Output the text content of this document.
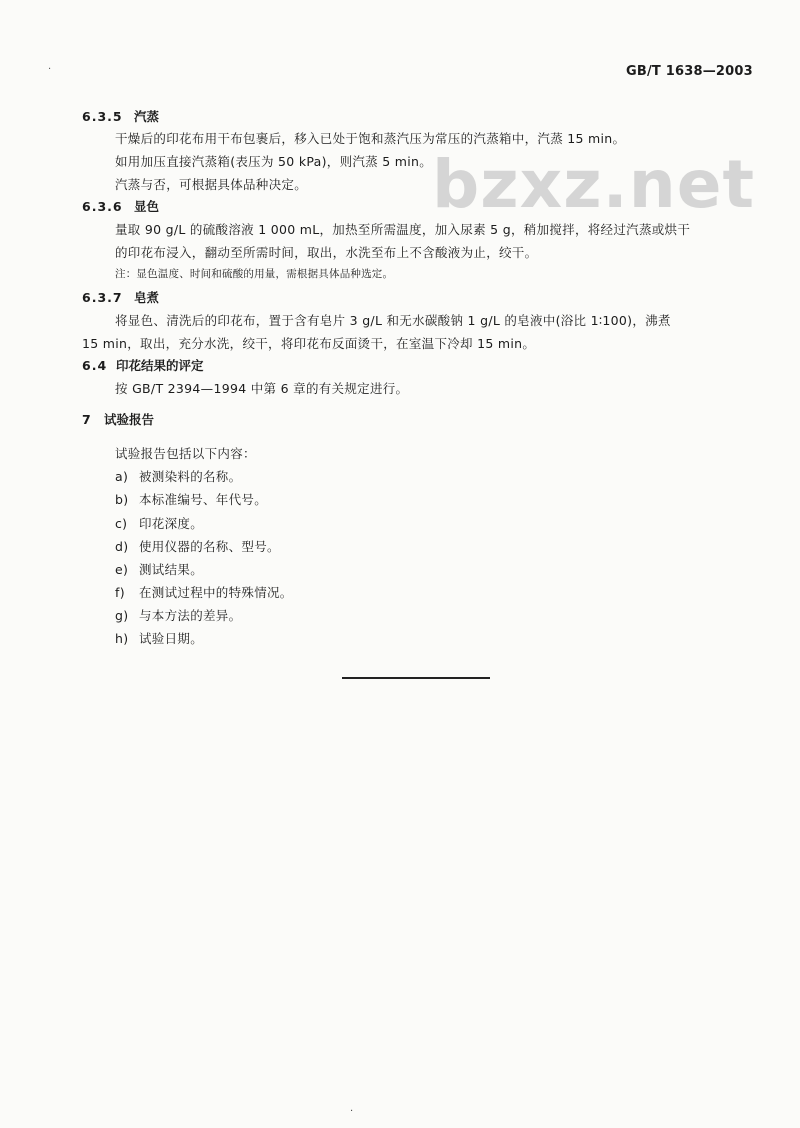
·	GB/T 1638—2003
bzxz.net
6.3.5 汽蒸
干燥后的印花布用干布包裹后，移入已处于饱和蒸汽压为常压的汽蒸箱中，汽蒸 15 min。
如用加压直接汽蒸箱(表压为 50 kPa)，则汽蒸 5 min。
汽蒸与否，可根据具体品种决定。
6.3.6 显色
量取 90 g/L 的硫酸溶液 1 000 mL，加热至所需温度，加入尿素 5 g，稍加搅拌，将经过汽蒸或烘干
的印花布浸入，翻动至所需时间，取出，水洗至布上不含酸液为止，绞干。
注：显色温度、时间和硫酸的用量，需根据具体品种选定。
6.3.7 皂煮
将显色、清洗后的印花布，置于含有皂片 3 g/L 和无水碳酸钠 1 g/L 的皂液中(浴比 1∶100)，沸煮
15 min，取出，充分水洗，绞干，将印花布反面烫干，在室温下冷却 15 min。
6.4 印花结果的评定
按 GB/T 2394—1994 中第 6 章的有关规定进行。
7 试验报告
试验报告包括以下内容：
a) 被测染料的名称。
b) 本标准编号、年代号。
c) 印花深度。
d) 使用仪器的名称、型号。
e) 测试结果。
f) 在测试过程中的特殊情况。
g) 与本方法的差异。
h) 试验日期。
·
